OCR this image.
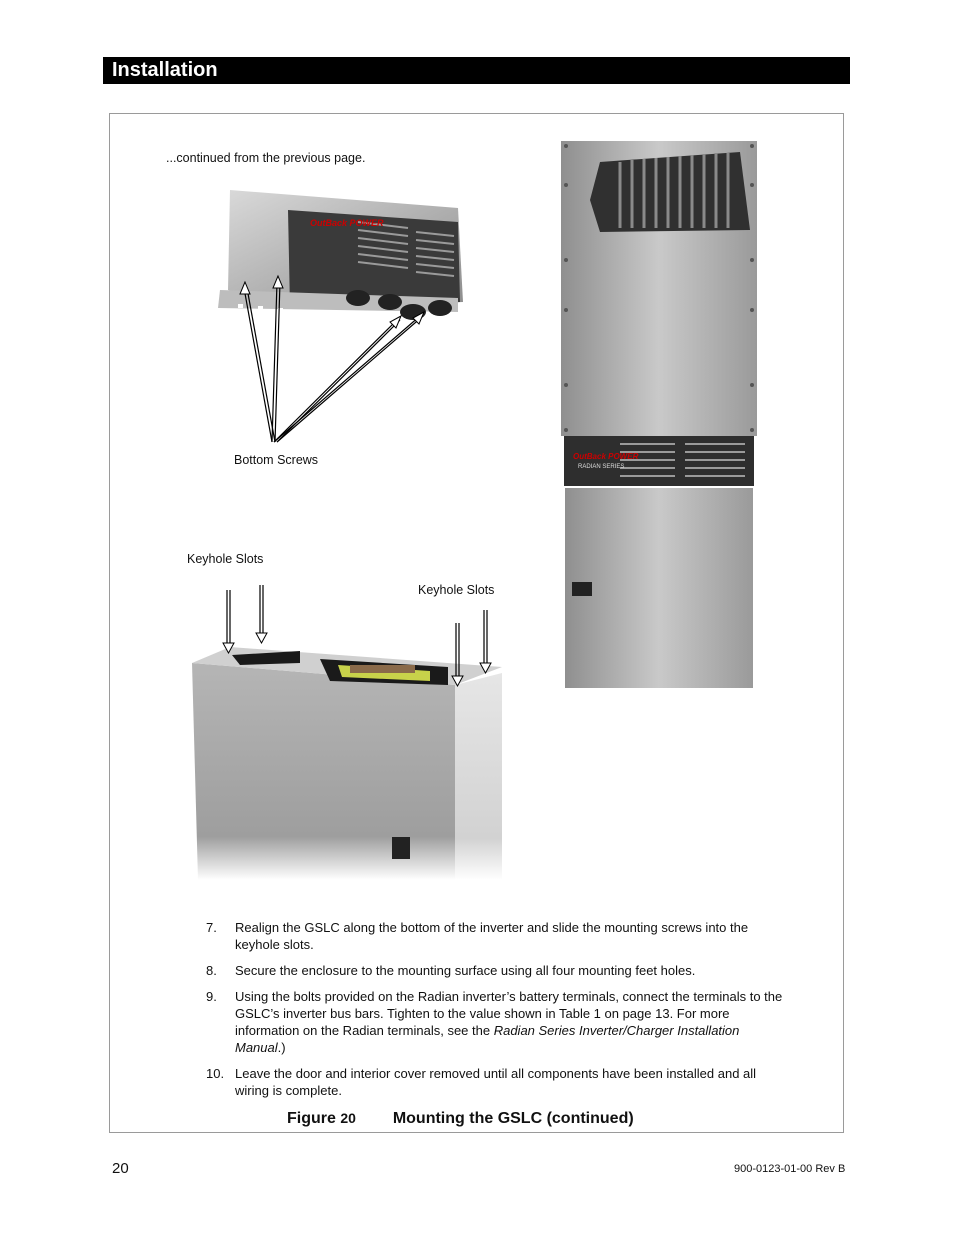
Installation
...continued from the previous page.
OutBack POWER
Bottom Screws
Keyhole Slots
Keyhole Slots
OutBack POWER
RADIAN SERIES
7. Realign the GSLC along the bottom of the inverter and slide the mounting screws into the keyhole slots.
8. Secure the enclosure to the mounting surface using all four mounting feet holes.
9. Using the bolts provided on the Radian inverter’s battery terminals, connect the terminals to the GSLC’s inverter bus bars. Tighten to the value shown in Table 1 on page 13. For more information on the Radian terminals, see the Radian Series Inverter/Charger Installation Manual.)
10. Leave the door and interior cover removed until all components have been installed and all wiring is complete.
Figure 20 Mounting the GSLC (continued)
20	900-0123-01-00 Rev B
